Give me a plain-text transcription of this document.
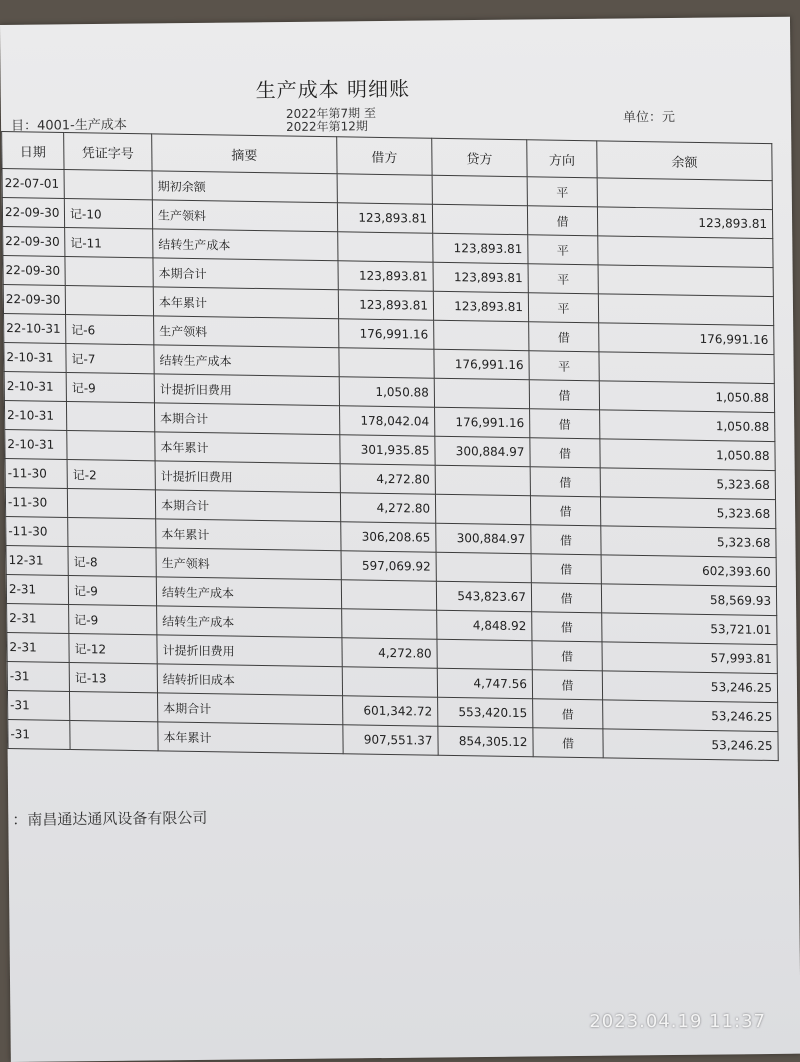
生产成本 明细账
目：4001-生产成本
2022年第7期 至
2022年第12期
单位：元
日期	凭证字号	摘要	借方	贷方	方向	余额
22-07-01		期初余额			平	
22-09-30	记-10	生产领料	123,893.81		借	123,893.81
22-09-30	记-11	结转生产成本		123,893.81	平	
22-09-30		本期合计	123,893.81	123,893.81	平	
22-09-30		本年累计	123,893.81	123,893.81	平	
22-10-31	记-6	生产领料	176,991.16		借	176,991.16
2-10-31	记-7	结转生产成本		176,991.16	平	
2-10-31	记-9	计提折旧费用	1,050.88		借	1,050.88
2-10-31		本期合计	178,042.04	176,991.16	借	1,050.88
2-10-31		本年累计	301,935.85	300,884.97	借	1,050.88
-11-30	记-2	计提折旧费用	4,272.80		借	5,323.68
-11-30		本期合计	4,272.80		借	5,323.68
-11-30		本年累计	306,208.65	300,884.97	借	5,323.68
12-31	记-8	生产领料	597,069.92		借	602,393.60
2-31	记-9	结转生产成本		543,823.67	借	58,569.93
2-31	记-9	结转生产成本		4,848.92	借	53,721.01
2-31	记-12	计提折旧费用	4,272.80		借	57,993.81
-31	记-13	结转折旧成本		4,747.56	借	53,246.25
-31		本期合计	601,342.72	553,420.15	借	53,246.25
-31		本年累计	907,551.37	854,305.12	借	53,246.25
：南昌通达通风设备有限公司
2023.04.19 11:37
